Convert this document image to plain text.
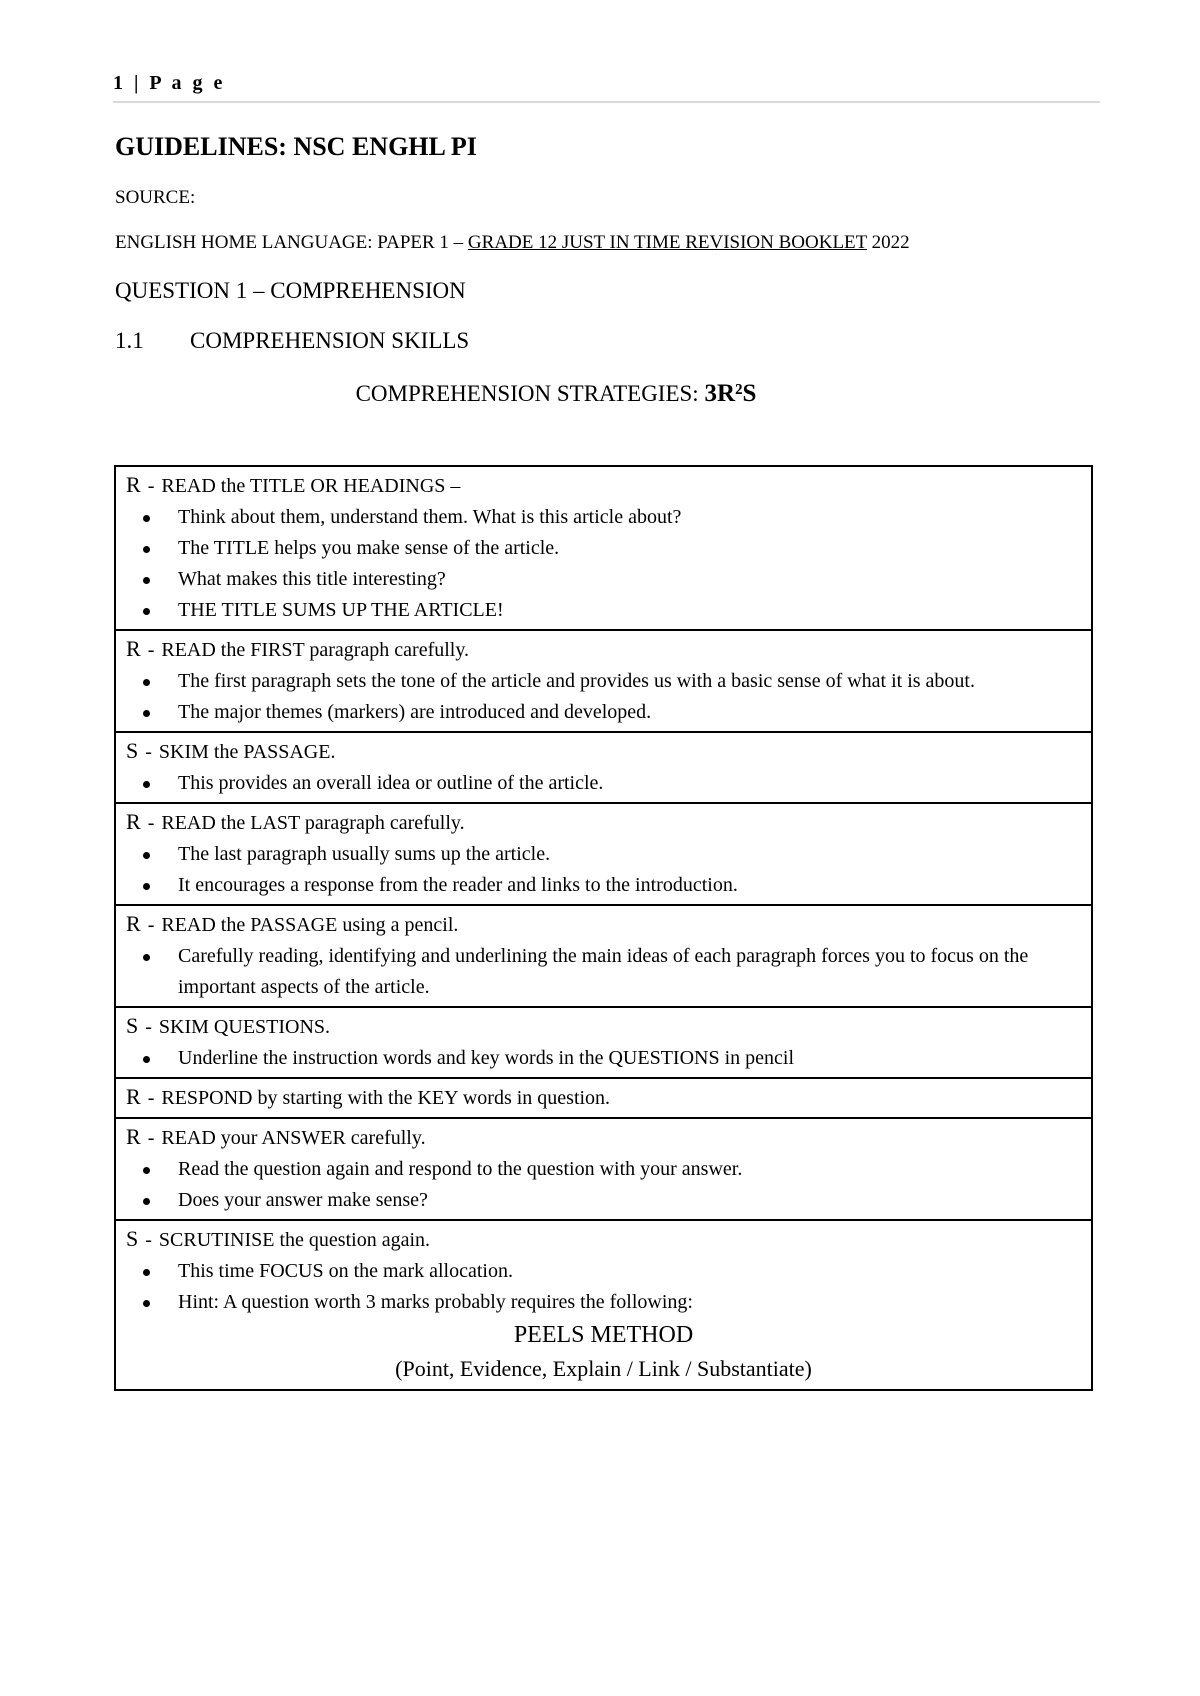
1 | P a g e
GUIDELINES: NSC ENGHL PI
SOURCE:
ENGLISH HOME LANGUAGE: PAPER 1 – GRADE 12 JUST IN TIME REVISION BOOKLET 2022
QUESTION 1 – COMPREHENSION
1.1 COMPREHENSION SKILLS
COMPREHENSION STRATEGIES: 3R²S
R - READ the TITLE OR HEADINGS –
Think about them, understand them. What is this article about?
The TITLE helps you make sense of the article.
What makes this title interesting?
THE TITLE SUMS UP THE ARTICLE!

R - READ the FIRST paragraph carefully.
The first paragraph sets the tone of the article and provides us with a basic sense of what it is about.
The major themes (markers) are introduced and developed.

S - SKIM the PASSAGE.
This provides an overall idea or outline of the article.

R - READ the LAST paragraph carefully.
The last paragraph usually sums up the article.
It encourages a response from the reader and links to the introduction.

R - READ the PASSAGE using a pencil.
Carefully reading, identifying and underlining the main ideas of each paragraph forces you to focus on the important aspects of the article.

S - SKIM QUESTIONS.
Underline the instruction words and key words in the QUESTIONS in pencil

R - RESPOND by starting with the KEY words in question.

R - READ your ANSWER carefully.
Read the question again and respond to the question with your answer.
Does your answer make sense?

S - SCRUTINISE the question again.
This time FOCUS on the mark allocation.
Hint: A question worth 3 marks probably requires the following:
PEELS METHOD
(Point, Evidence, Explain / Link / Substantiate)
